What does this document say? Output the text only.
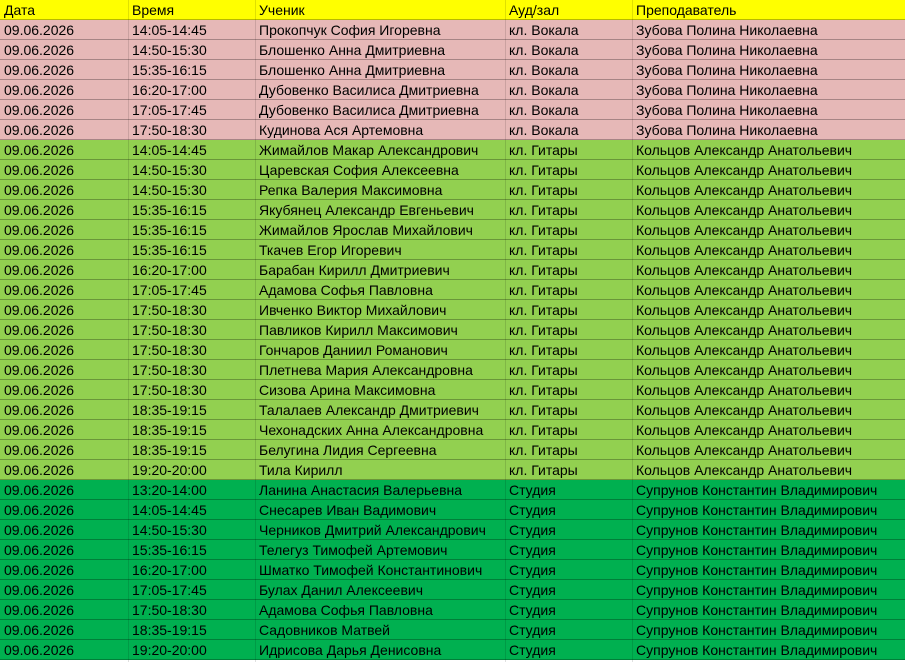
Дата	Время	Ученик	Ауд/зал	Преподаватель
09.06.2026	14:05-14:45	Прокопчук София Игоревна	кл. Вокала	Зубова Полина Николаевна
09.06.2026	14:50-15:30	Блошенко Анна Дмитриевна	кл. Вокала	Зубова Полина Николаевна
09.06.2026	15:35-16:15	Блошенко Анна Дмитриевна	кл. Вокала	Зубова Полина Николаевна
09.06.2026	16:20-17:00	Дубовенко Василиса Дмитриевна	кл. Вокала	Зубова Полина Николаевна
09.06.2026	17:05-17:45	Дубовенко Василиса Дмитриевна	кл. Вокала	Зубова Полина Николаевна
09.06.2026	17:50-18:30	Кудинова Ася Артемовна	кл. Вокала	Зубова Полина Николаевна
09.06.2026	14:05-14:45	Жимайлов Макар Александрович	кл. Гитары	Кольцов Александр Анатольевич
09.06.2026	14:50-15:30	Царевская София Алексеевна	кл. Гитары	Кольцов Александр Анатольевич
09.06.2026	14:50-15:30	Репка Валерия Максимовна	кл. Гитары	Кольцов Александр Анатольевич
09.06.2026	15:35-16:15	Якубянец Александр Евгеньевич	кл. Гитары	Кольцов Александр Анатольевич
09.06.2026	15:35-16:15	Жимайлов Ярослав Михайлович	кл. Гитары	Кольцов Александр Анатольевич
09.06.2026	15:35-16:15	Ткачев Егор Игоревич	кл. Гитары	Кольцов Александр Анатольевич
09.06.2026	16:20-17:00	Барабан Кирилл Дмитриевич	кл. Гитары	Кольцов Александр Анатольевич
09.06.2026	17:05-17:45	Адамова Софья Павловна	кл. Гитары	Кольцов Александр Анатольевич
09.06.2026	17:50-18:30	Ивченко Виктор Михайлович	кл. Гитары	Кольцов Александр Анатольевич
09.06.2026	17:50-18:30	Павликов Кирилл Максимович	кл. Гитары	Кольцов Александр Анатольевич
09.06.2026	17:50-18:30	Гончаров Даниил Романович	кл. Гитары	Кольцов Александр Анатольевич
09.06.2026	17:50-18:30	Плетнева Мария Александровна	кл. Гитары	Кольцов Александр Анатольевич
09.06.2026	17:50-18:30	Сизова Арина Максимовна	кл. Гитары	Кольцов Александр Анатольевич
09.06.2026	18:35-19:15	Талалаев Александр Дмитриевич	кл. Гитары	Кольцов Александр Анатольевич
09.06.2026	18:35-19:15	Чехонадских Анна Александровна	кл. Гитары	Кольцов Александр Анатольевич
09.06.2026	18:35-19:15	Белугина Лидия Сергеевна	кл. Гитары	Кольцов Александр Анатольевич
09.06.2026	19:20-20:00	Тила Кирилл	кл. Гитары	Кольцов Александр Анатольевич
09.06.2026	13:20-14:00	Ланина Анастасия Валерьевна	Студия	Супрунов Константин Владимирович
09.06.2026	14:05-14:45	Снесарев Иван Вадимович	Студия	Супрунов Константин Владимирович
09.06.2026	14:50-15:30	Черников Дмитрий Александрович	Студия	Супрунов Константин Владимирович
09.06.2026	15:35-16:15	Телегуз Тимофей Артемович	Студия	Супрунов Константин Владимирович
09.06.2026	16:20-17:00	Шматко Тимофей Константинович	Студия	Супрунов Константин Владимирович
09.06.2026	17:05-17:45	Булах Данил Алексеевич	Студия	Супрунов Константин Владимирович
09.06.2026	17:50-18:30	Адамова Софья Павловна	Студия	Супрунов Константин Владимирович
09.06.2026	18:35-19:15	Садовников Матвей	Студия	Супрунов Константин Владимирович
09.06.2026	19:20-20:00	Идрисова Дарья Денисовна	Студия	Супрунов Константин Владимирович
